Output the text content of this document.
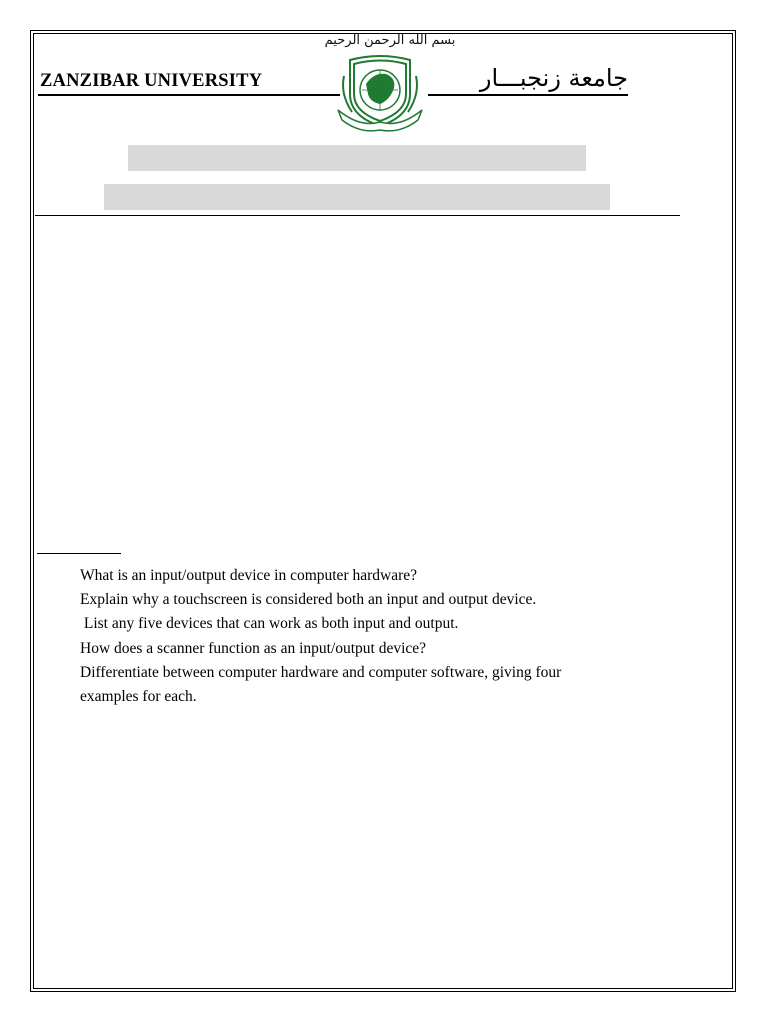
بسم الله الرحمن الرحيم
ZANZIBAR UNIVERSITY	جامعة زنجبـــار
What is an input/output device in computer hardware?
Explain why a touchscreen is considered both an input and output device.
List any five devices that can work as both input and output.
How does a scanner function as an input/output device?
Differentiate between computer hardware and computer software, giving four
examples for each.
